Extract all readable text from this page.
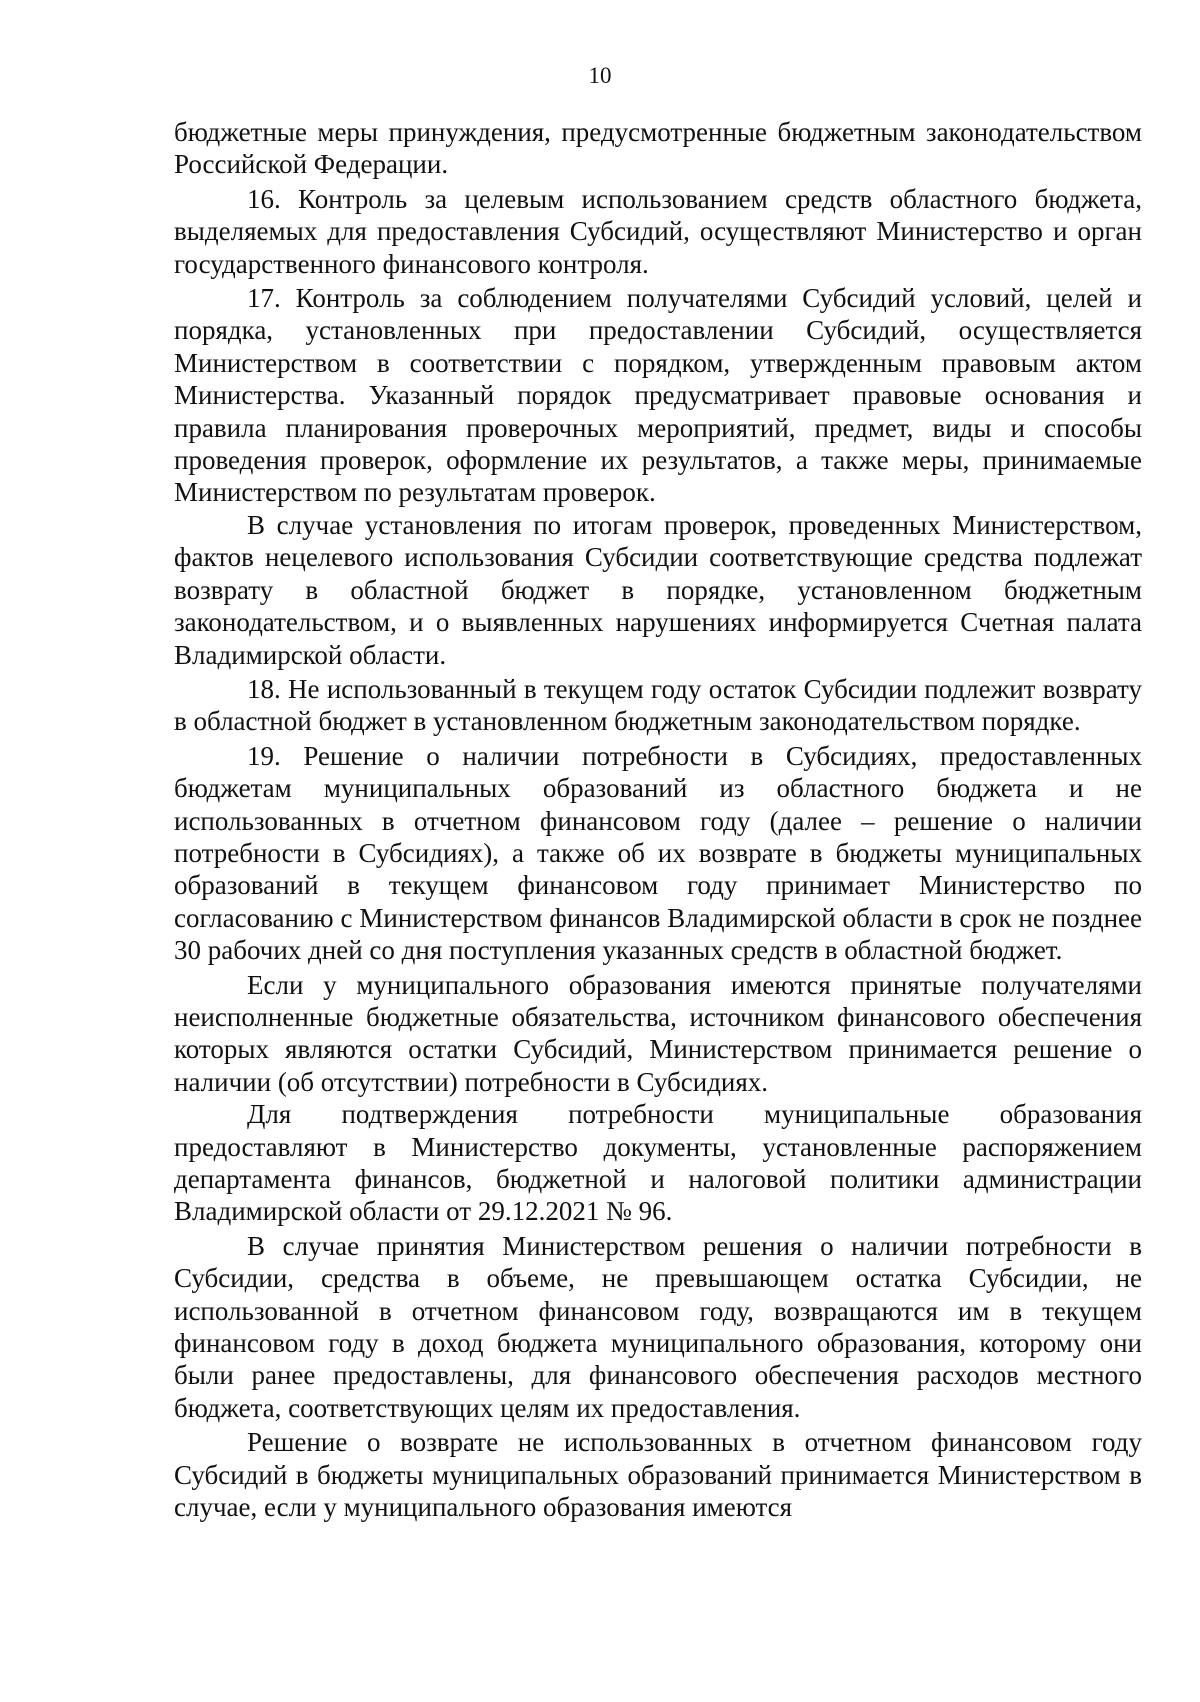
10

бюджетные меры принуждения, предусмотренные бюджетным законодательством Российской Федерации.

16. Контроль за целевым использованием средств областного бюджета, выделяемых для предоставления Субсидий, осуществляют Министерство и орган государственного финансового контроля.

17. Контроль за соблюдением получателями Субсидий условий, целей и порядка, установленных при предоставлении Субсидий, осуществляется Министерством в соответствии с порядком, утвержденным правовым актом Министерства. Указанный порядок предусматривает правовые основания и правила планирования проверочных мероприятий, предмет, виды и способы проведения проверок, оформление их результатов, а также меры, принимаемые Министерством по результатам проверок.

В случае установления по итогам проверок, проведенных Министерством, фактов нецелевого использования Субсидии соответствующие средства подлежат возврату в областной бюджет в порядке, установленном бюджетным законодательством, и о выявленных нарушениях информируется Счетная палата Владимирской области.

18. Не использованный в текущем году остаток Субсидии подлежит возврату в областной бюджет в установленном бюджетным законодательством порядке.

19. Решение о наличии потребности в Субсидиях, предоставленных бюджетам муниципальных образований из областного бюджета и не использованных в отчетном финансовом году (далее – решение о наличии потребности в Субсидиях), а также об их возврате в бюджеты муниципальных образований в текущем финансовом году принимает Министерство по согласованию с Министерством финансов Владимирской области в срок не позднее 30 рабочих дней со дня поступления указанных средств в областной бюджет.

Если у муниципального образования имеются принятые получателями неисполненные бюджетные обязательства, источником финансового обеспечения которых являются остатки Субсидий, Министерством принимается решение о наличии (об отсутствии) потребности в Субсидиях.

Для подтверждения потребности муниципальные образования предоставляют в Министерство документы, установленные распоряжением департамента финансов, бюджетной и налоговой политики администрации Владимирской области от 29.12.2021 № 96.

В случае принятия Министерством решения о наличии потребности в Субсидии, средства в объеме, не превышающем остатка Субсидии, не использованной в отчетном финансовом году, возвращаются им в текущем финансовом году в доход бюджета муниципального образования, которому они были ранее предоставлены, для финансового обеспечения расходов местного бюджета, соответствующих целям их предоставления.

Решение о возврате не использованных в отчетном финансовом году Субсидий в бюджеты муниципальных образований принимается Министерством в случае, если у муниципального образования имеются
